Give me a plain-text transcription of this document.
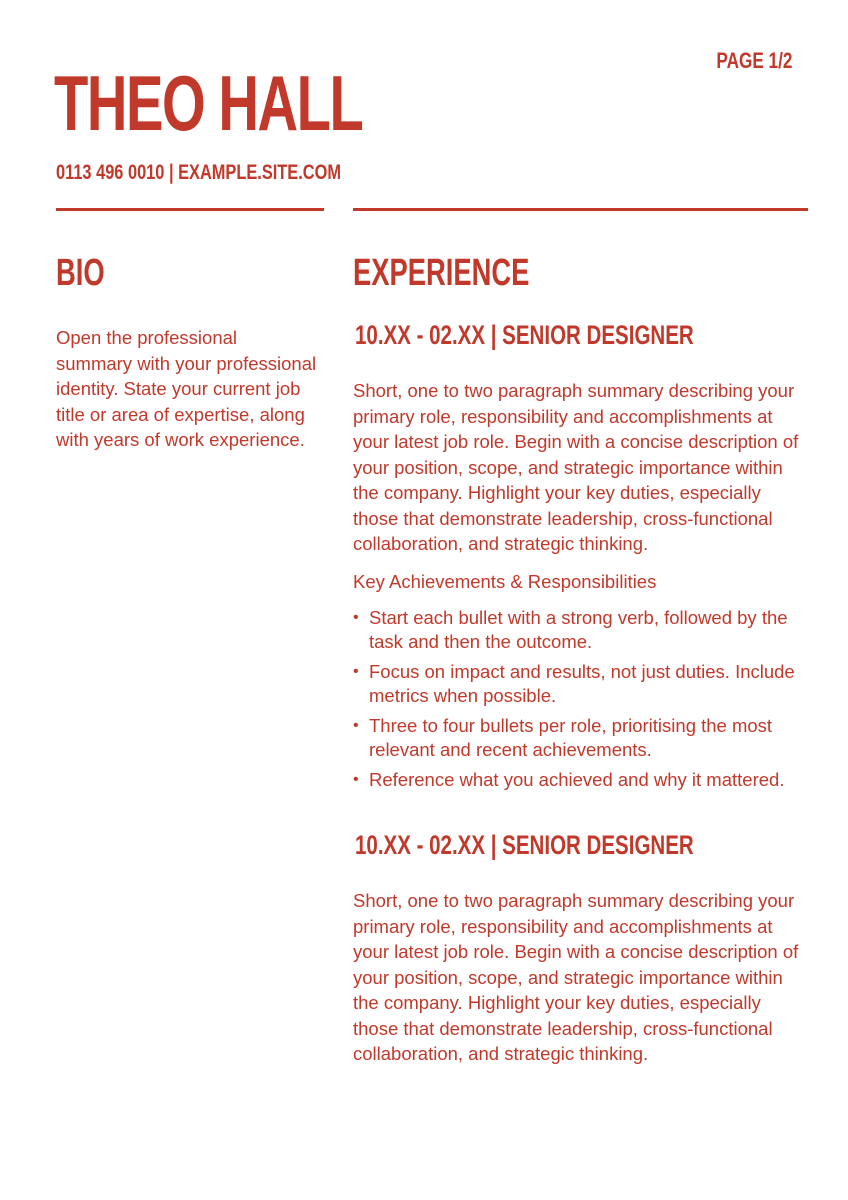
PAGE 1/2
THEO HALL
0113 496 0010 | EXAMPLE.SITE.COM
BIO

Open the professional summary with your professional identity. State your current job title or area of expertise, along with years of work experience.

EXPERIENCE
10.XX - 02.XX | SENIOR DESIGNER

Short, one to two paragraph summary describing your primary role, responsibility and accomplishments at your latest job role. Begin with a concise description of your position, scope, and strategic importance within the company. Highlight your key duties, especially those that demonstrate leadership, cross-functional collaboration, and strategic thinking.

Key Achievements & Responsibilities

• Start each bullet with a strong verb, followed by the task and then the outcome.
• Focus on impact and results, not just duties. Include metrics when possible.
• Three to four bullets per role, prioritising the most relevant and recent achievements.
• Reference what you achieved and why it mattered.
10.XX - 02.XX | SENIOR DESIGNER

Short, one to two paragraph summary describing your primary role, responsibility and accomplishments at your latest job role. Begin with a concise description of your position, scope, and strategic importance within the company. Highlight your key duties, especially those that demonstrate leadership, cross-functional collaboration, and strategic thinking.
